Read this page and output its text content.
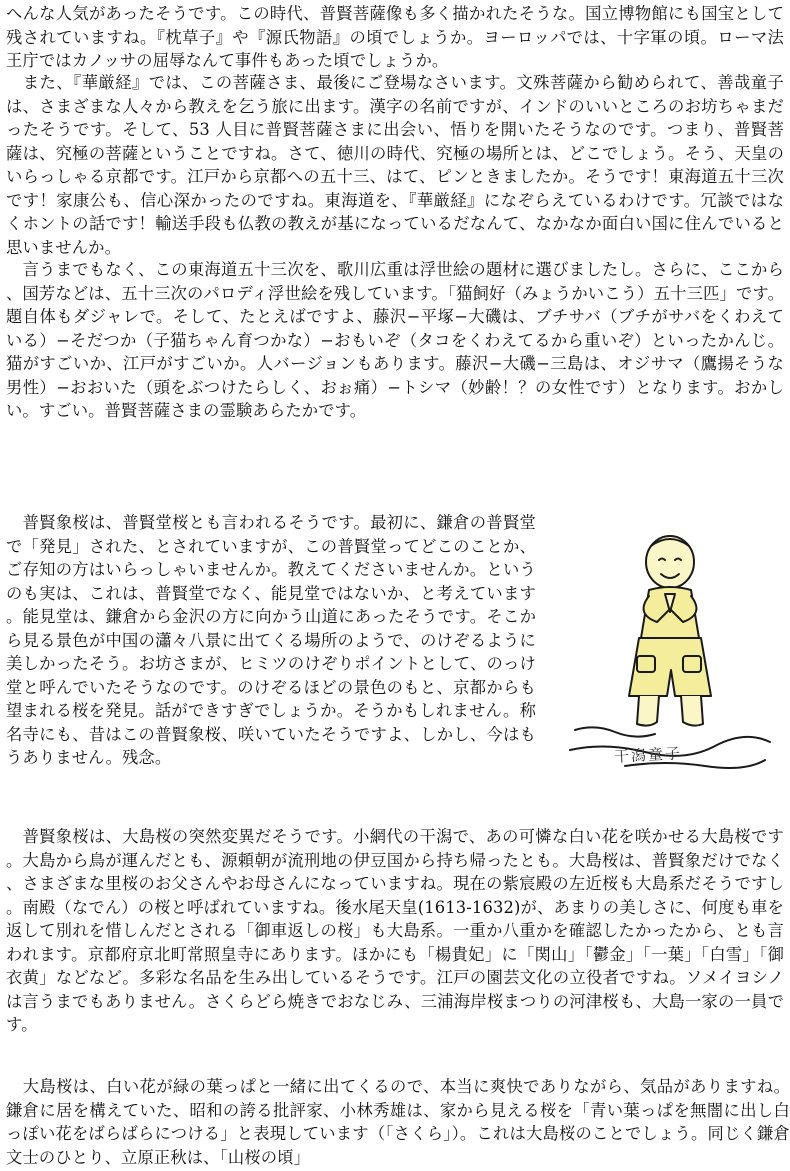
へんな人気があったそうです。この時代、普賢菩薩像も多く描かれたそうな。国立博物館にも国宝として残されていますね。『枕草子』や『源氏物語』の頃でしょうか。ヨーロッパでは、十字軍の頃。ローマ法王庁ではカノッサの屈辱なんて事件もあった頃でしょうか。

　また、『華厳経』では、この菩薩さま、最後にご登場なさいます。文殊菩薩から勧められて、善哉童子は、さまざまな人々から教えを乞う旅に出ます。漢字の名前ですが、インドのいいところのお坊ちゃまだったそうです。そして、53 人目に普賢菩薩さまに出会い、悟りを開いたそうなのです。つまり、普賢菩薩は、究極の菩薩ということですね。さて、徳川の時代、究極の場所とは、どこでしょう。そう、天皇のいらっしゃる京都です。江戸から京都への五十三、はて、ピンときましたか。そうです！東海道五十三次です！家康公も、信心深かったのですね。東海道を、『華厳経』になぞらえているわけです。冗談ではなくホントの話です！輸送手段も仏教の教えが基になっているだなんて、なかなか面白い国に住んでいると思いませんか。

　言うまでもなく、この東海道五十三次を、歌川広重は浮世絵の題材に選びましたし。さらに、ここから、国芳などは、五十三次のパロディ浮世絵を残しています。「猫飼好（みょうかいこう）五十三匹」です。題自体もダジャレで。そして、たとえばですよ、藤沢−平塚−大磯は、ブチサバ（ブチがサバをくわえている）−そだつか（子猫ちゃん育つかな）−おもいぞ（タコをくわえてるから重いぞ）といったかんじ。猫がすごいか、江戸がすごいか。人バージョンもあります。藤沢−大磯−三島は、オジサマ（鷹揚そうな男性）−おおいた（頭をぶつけたらしく、おぉ痛）−トシマ（妙齢！？の女性です）となります。おかしい。すごい。普賢菩薩さまの霊験あらたかです。

　普賢象桜は、普賢堂桜とも言われるそうです。最初に、鎌倉の普賢堂で「発見」された、とされていますが、この普賢堂ってどこのことか、ご存知の方はいらっしゃいませんか。教えてくださいませんか。というのも実は、これは、普賢堂でなく、能見堂ではないか、と考えています。能見堂は、鎌倉から金沢の方に向かう山道にあったそうです。そこから見る景色が中国の瀟々八景に出てくる場所のようで、のけぞるように美しかったそう。お坊さまが、ヒミツのけぞりポイントとして、のっけ堂と呼んでいたそうなのです。のけぞるほどの景色のもと、京都からも望まれる桜を発見。話ができすぎでしょうか。そうかもしれません。称名寺にも、昔はこの普賢象桜、咲いていたそうですよ、しかし、今はもうありません。残念。

　普賢象桜は、大島桜の突然変異だそうです。小網代の干潟で、あの可憐な白い花を咲かせる大島桜です。大島から鳥が運んだとも、源頼朝が流刑地の伊豆国から持ち帰ったとも。大島桜は、普賢象だけでなく、さまざまな里桜のお父さんやお母さんになっていますね。現在の紫宸殿の左近桜も大島系だそうですし。南殿（なでん）の桜と呼ばれていますね。後水尾天皇(1613-1632)が、あまりの美しさに、何度も車を返して別れを惜しんだとされる「御車返しの桜」も大島系。一重か八重かを確認したかったから、とも言われます。京都府京北町常照皇寺にあります。ほかにも「楊貴妃」に「関山」「鬱金」「一葉」「白雪」「御衣黄」などなど。多彩な名品を生み出しているそうです。江戸の園芸文化の立役者ですね。ソメイヨシノは言うまでもありません。さくらどら焼きでおなじみ、三浦海岸桜まつりの河津桜も、大島一家の一員です。

　大島桜は、白い花が緑の葉っぱと一緒に出てくるので、本当に爽快でありながら、気品がありますね。鎌倉に居を構えていた、昭和の誇る批評家、小林秀雄は、家から見える桜を「青い葉っぱを無闇に出し白っぽい花をばらばらにつける」と表現しています（「さくら」）。これは大島桜のことでしょう。同じく鎌倉文士のひとり、立原正秋は、「山桜の頃」

干潟童子
